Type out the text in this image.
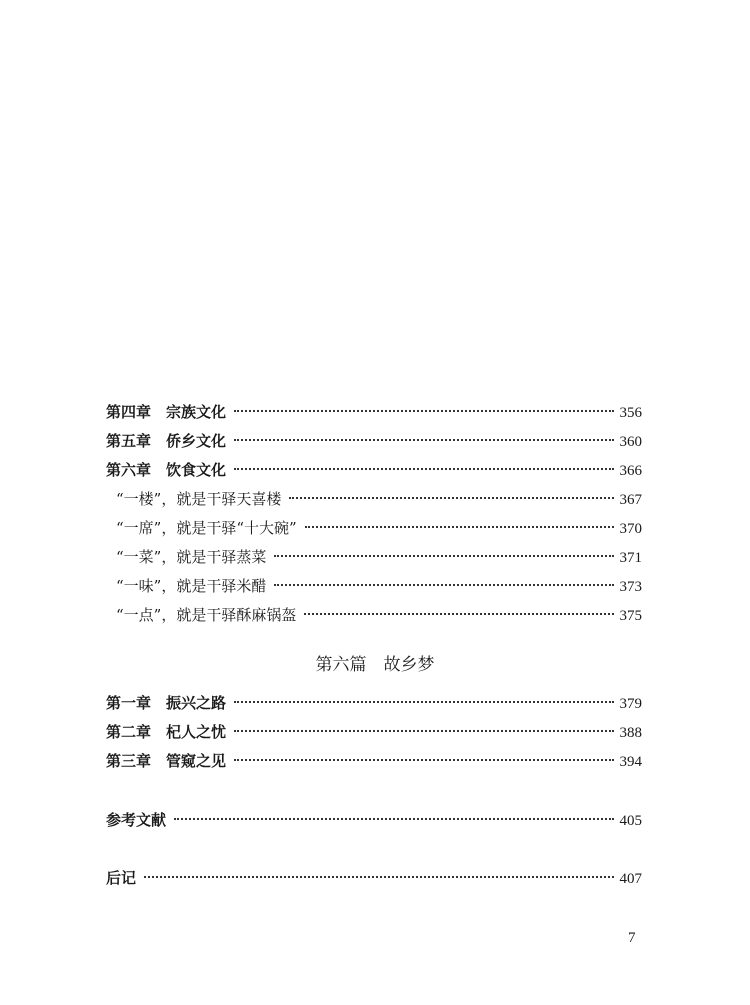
第四章　宗族文化	356
第五章　侨乡文化	360
第六章　饮食文化	366
“一楼”，就是干驿天喜楼	367
“一席”，就是干驿“十大碗”	370
“一菜”，就是干驿蒸菜	371
“一味”，就是干驿米醋	373
“一点”，就是干驿酥麻锅盔	375
第六篇　故乡梦
第一章　振兴之路	379
第二章　杞人之忧	388
第三章　管窥之见	394
参考文献	405
后记	407
7
